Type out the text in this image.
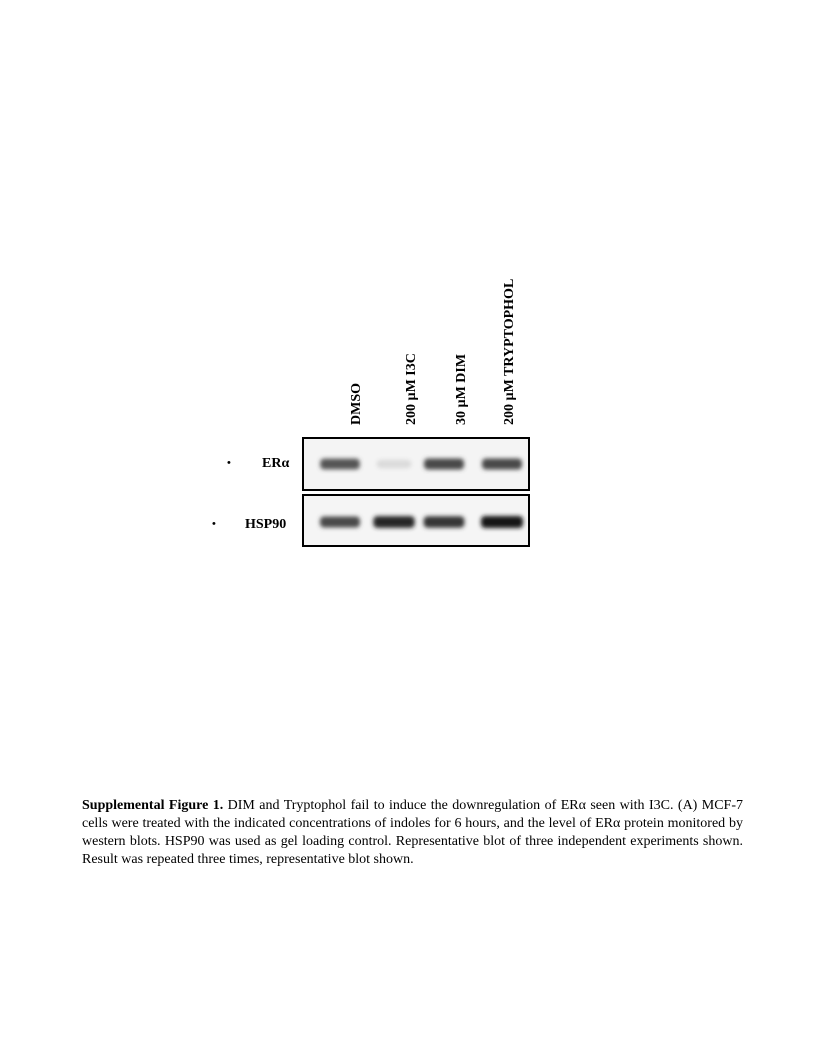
DMSO	200 µM I3C	30 µM DIM 200 µM TRYPTOPHOL
• ERα
• HSP90
Supplemental Figure 1. DIM and Tryptophol fail to induce the downregulation of ERα seen with I3C. (A) MCF-7 cells were treated with the indicated concentrations of indoles for 6 hours, and the level of ERα protein monitored by western blots. HSP90 was used as gel loading control. Representative blot of three independent experiments shown. Result was repeated three times, representative blot shown.
